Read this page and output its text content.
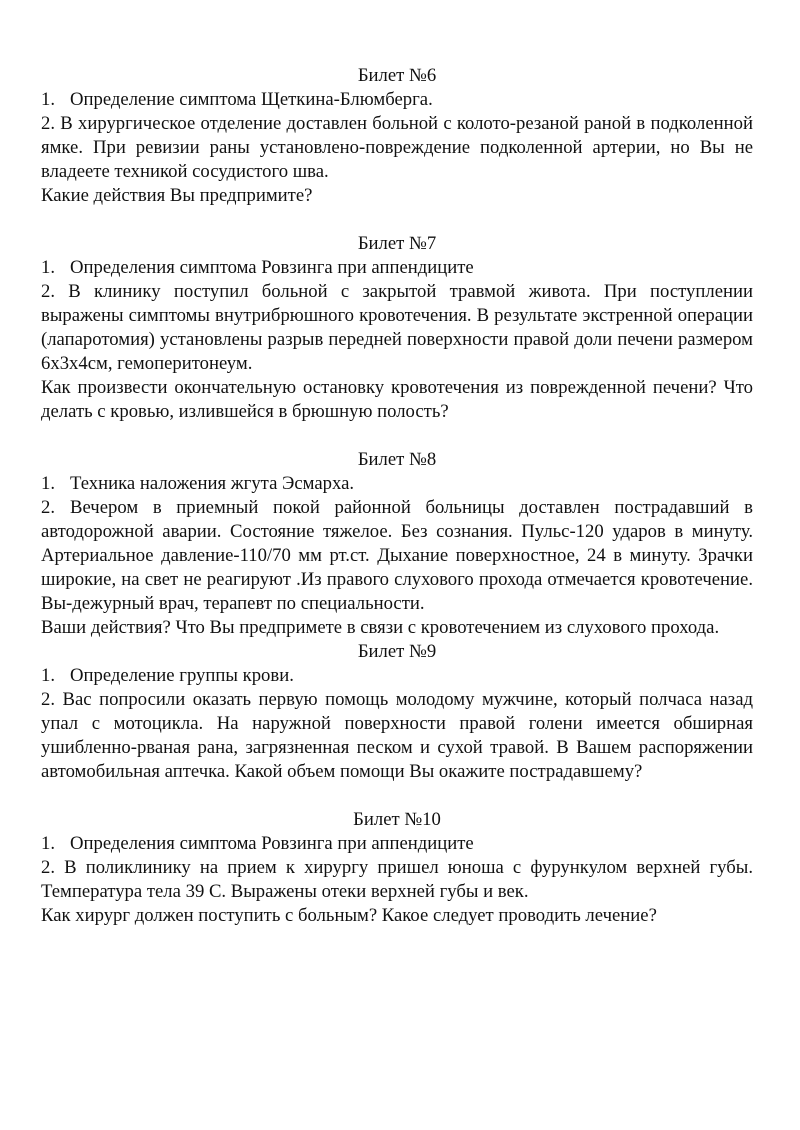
Билет №6

1. Определение симптома Щеткина-Блюмберга.

2. В хирургическое отделение доставлен больной с колото-резаной раной в подколенной ямке. При ревизии раны установлено-повреждение подколенной артерии, но Вы не владеете техникой сосудистого шва.

Какие действия Вы предпримите?

Билет №7

1. Определения симптома Ровзинга при аппендиците

2. В клинику поступил больной с закрытой травмой живота. При поступлении выражены симптомы внутрибрюшного кровотечения. В результате экстренной операции (лапаротомия) установлены разрыв передней поверхности правой доли печени размером 6х3х4см, гемоперитонеум.

Как произвести окончательную остановку кровотечения из поврежденной печени? Что делать с кровью, излившейся в брюшную полость?

Билет №8

1. Техника наложения жгута Эсмарха.

2. Вечером в приемный покой районной больницы доставлен пострадавший в автодорожной аварии. Состояние тяжелое. Без сознания. Пульс-120 ударов в минуту. Артериальное давление-110/70 мм рт.ст. Дыхание поверхностное, 24 в минуту. Зрачки широкие, на свет не реагируют .Из правого слухового прохода отмечается кровотечение. Вы-дежурный врач, терапевт по специальности.

Ваши действия? Что Вы предпримете в связи с кровотечением из слухового прохода.

Билет №9

1. Определение группы крови.

2. Вас попросили оказать первую помощь молодому мужчине, который полчаса назад упал с мотоцикла. На наружной поверхности правой голени имеется обширная ушибленно-рваная рана, загрязненная песком и сухой травой. В Вашем распоряжении автомобильная аптечка. Какой объем помощи Вы окажите пострадавшему?

Билет №10

1. Определения симптома Ровзинга при аппендиците

2. В поликлинику на прием к хирургу пришел юноша с фурункулом верхней губы. Температура тела 39 С. Выражены отеки верхней губы и век.

Как хирург должен поступить с больным? Какое следует проводить лечение?
